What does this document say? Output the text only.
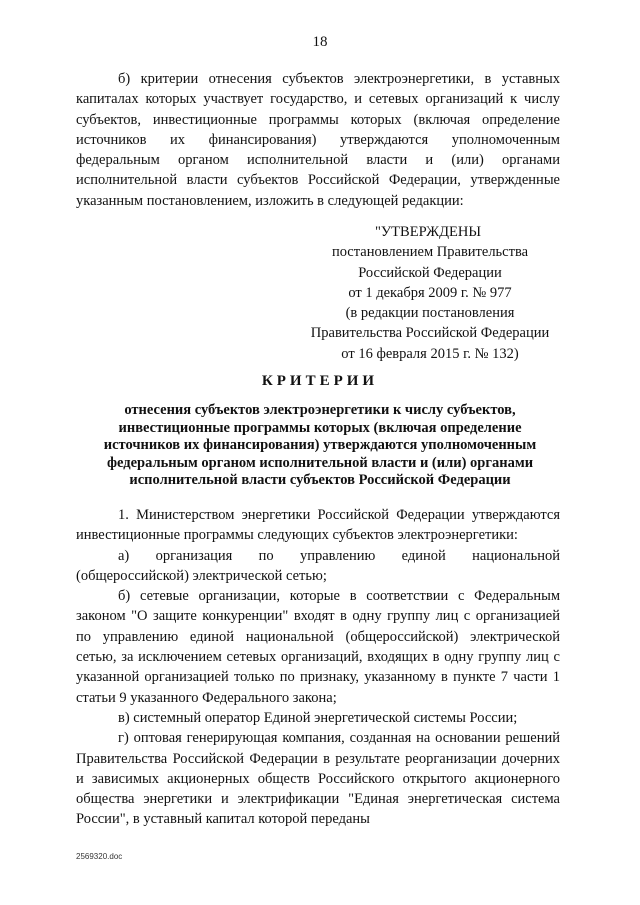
18

б) критерии отнесения субъектов электроэнергетики, в уставных капиталах которых участвует государство, и сетевых организаций к числу субъектов, инвестиционные программы которых (включая определение источников их финансирования) утверждаются уполномоченным федеральным органом исполнительной власти и (или) органами исполнительной власти субъектов Российской Федерации, утвержденные указанным постановлением, изложить в следующей редакции:

"УТВЕРЖДЕНЫ
постановлением Правительства
Российской Федерации
от 1 декабря 2009 г. № 977
(в редакции постановления
Правительства Российской Федерации
от 16 февраля 2015 г. № 132)
КРИТЕРИИ
отнесения субъектов электроэнергетики к числу субъектов, инвестиционные программы которых (включая определение источников их финансирования) утверждаются уполномоченным федеральным органом исполнительной власти и (или) органами исполнительной власти субъектов Российской Федерации

1. Министерством энергетики Российской Федерации утверждаются инвестиционные программы следующих субъектов электроэнергетики:

а) организация по управлению единой национальной (общероссийской) электрической сетью;

б) сетевые организации, которые в соответствии с Федеральным законом "О защите конкуренции" входят в одну группу лиц с организацией по управлению единой национальной (общероссийской) электрической сетью, за исключением сетевых организаций, входящих в одну группу лиц с указанной организацией только по признаку, указанному в пункте 7 части 1 статьи 9 указанного Федерального закона;

в) системный оператор Единой энергетической системы России;

г) оптовая генерирующая компания, созданная на основании решений Правительства Российской Федерации в результате реорганизации дочерних и зависимых акционерных обществ Российского открытого акционерного общества энергетики и электрификации "Единая энергетическая система России", в уставный капитал которой переданы

2569320.doc
